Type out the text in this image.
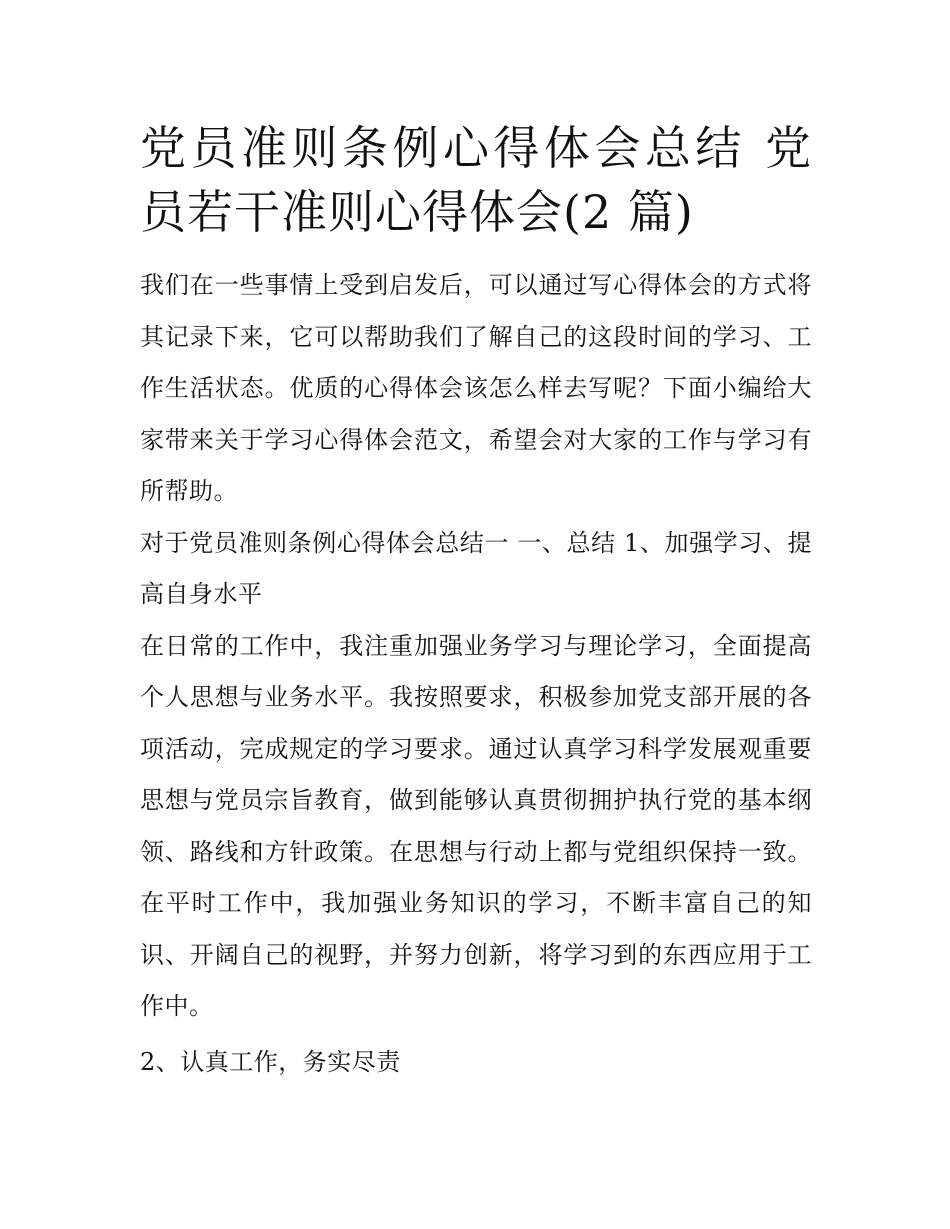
党员准则条例心得体会总结 党员若干准则心得体会(2 篇)

我们在一些事情上受到启发后，可以通过写心得体会的方式将其记录下来，它可以帮助我们了解自己的这段时间的学习、工作生活状态。优质的心得体会该怎么样去写呢？下面小编给大家带来关于学习心得体会范文，希望会对大家的工作与学习有所帮助。

对于党员准则条例心得体会总结一 一、总结 1、加强学习、提高自身水平

在日常的工作中，我注重加强业务学习与理论学习，全面提高个人思想与业务水平。我按照要求，积极参加党支部开展的各项活动，完成规定的学习要求。通过认真学习科学发展观重要思想与党员宗旨教育，做到能够认真贯彻拥护执行党的基本纲领、路线和方针政策。在思想与行动上都与党组织保持一致。在平时工作中，我加强业务知识的学习，不断丰富自己的知识、开阔自己的视野，并努力创新，将学习到的东西应用于工作中。

2、认真工作，务实尽责
